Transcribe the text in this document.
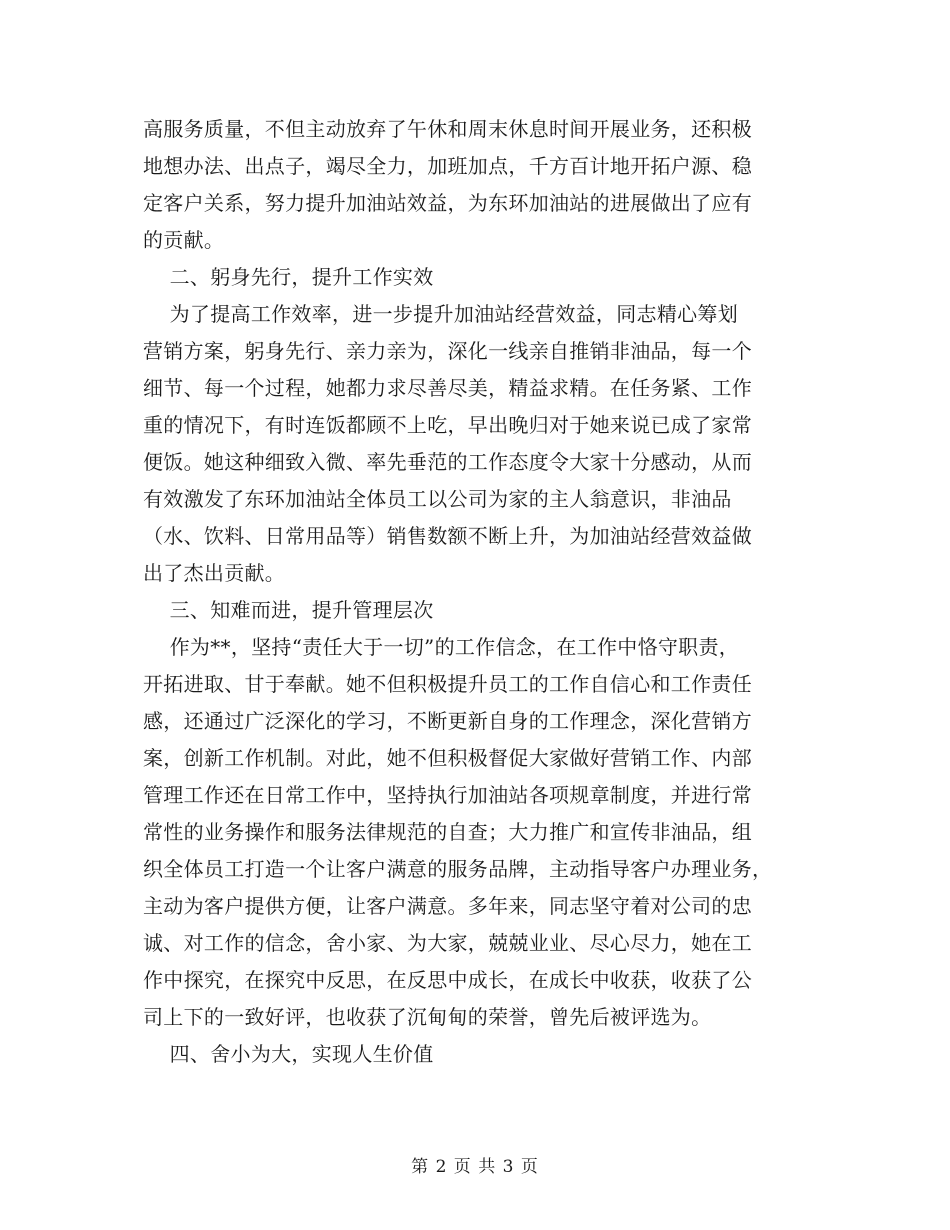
高服务质量，不但主动放弃了午休和周末休息时间开展业务，还积极
地想办法、出点子，竭尽全力，加班加点，千方百计地开拓户源、稳
定客户关系，努力提升加油站效益，为东环加油站的进展做出了应有
的贡献。
二、躬身先行，提升工作实效
为了提高工作效率，进一步提升加油站经营效益，同志精心筹划
营销方案，躬身先行、亲力亲为，深化一线亲自推销非油品，每一个
细节、每一个过程，她都力求尽善尽美，精益求精。在任务紧、工作
重的情况下，有时连饭都顾不上吃，早出晚归对于她来说已成了家常
便饭。她这种细致入微、率先垂范的工作态度令大家十分感动，从而
有效激发了东环加油站全体员工以公司为家的主人翁意识，非油品
（水、饮料、日常用品等）销售数额不断上升，为加油站经营效益做
出了杰出贡献。
三、知难而进，提升管理层次
作为**，坚持“责任大于一切”的工作信念，在工作中恪守职责，
开拓进取、甘于奉献。她不但积极提升员工的工作自信心和工作责任
感，还通过广泛深化的学习，不断更新自身的工作理念，深化营销方
案，创新工作机制。对此，她不但积极督促大家做好营销工作、内部
管理工作还在日常工作中，坚持执行加油站各项规章制度，并进行常
常性的业务操作和服务法律规范的自查；大力推广和宣传非油品，组
织全体员工打造一个让客户满意的服务品牌，主动指导客户办理业务，
主动为客户提供方便，让客户满意。多年来，同志坚守着对公司的忠
诚、对工作的信念，舍小家、为大家，兢兢业业、尽心尽力，她在工
作中探究，在探究中反思，在反思中成长，在成长中收获，收获了公
司上下的一致好评，也收获了沉甸甸的荣誉，曾先后被评选为。
四、舍小为大，实现人生价值
第 2 页 共 3 页
